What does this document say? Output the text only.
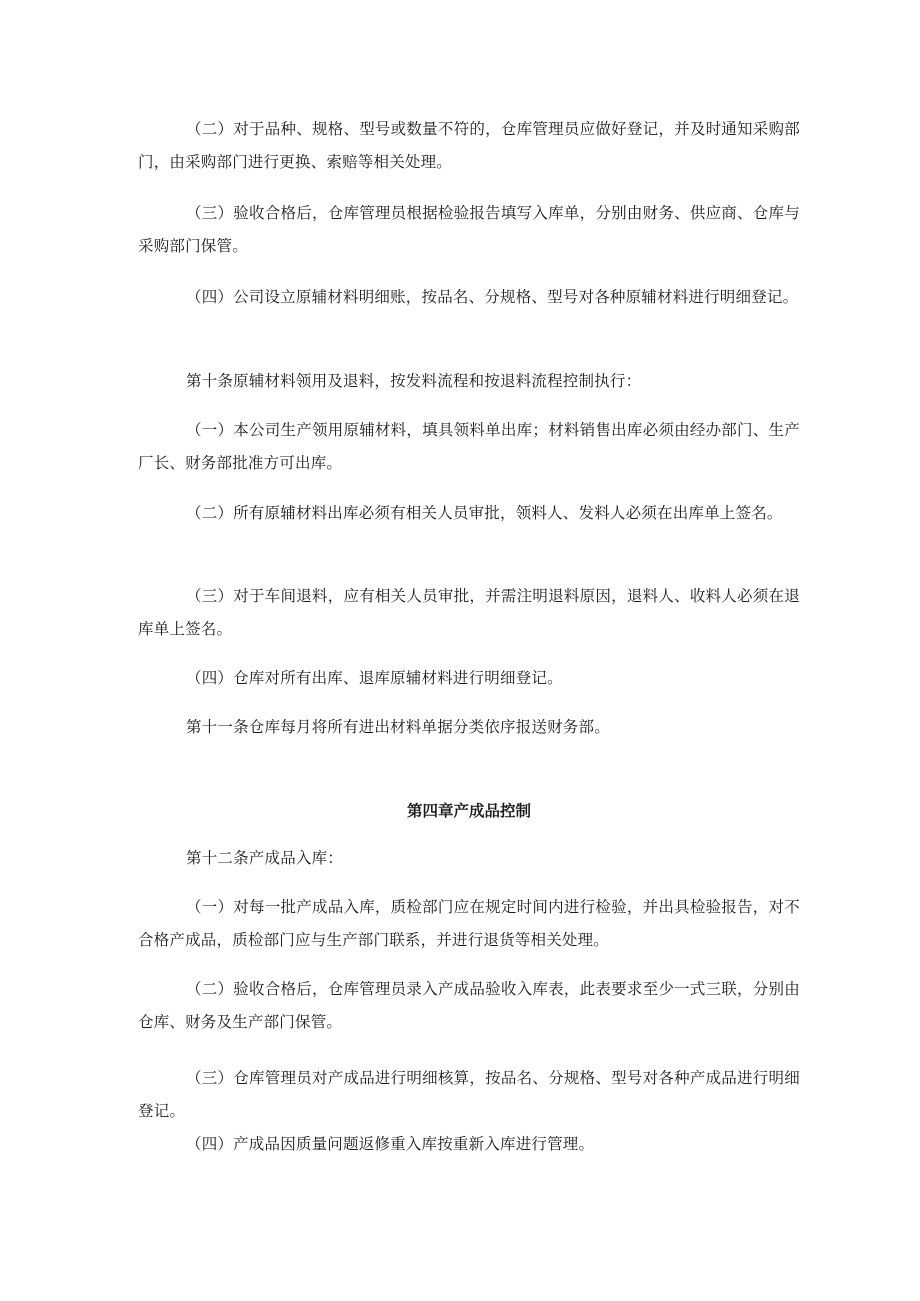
（二）对于品种、规格、型号或数量不符的，仓库管理员应做好登记，并及时通知采购部门，由采购部门进行更换、索赔等相关处理。

（三）验收合格后，仓库管理员根据检验报告填写入库单，分别由财务、供应商、仓库与采购部门保管。

（四）公司设立原辅材料明细账，按品名、分规格、型号对各种原辅材料进行明细登记。

第十条原辅材料领用及退料，按发料流程和按退料流程控制执行：

（一）本公司生产领用原辅材料，填具领料单出库；材料销售出库必须由经办部门、生产厂长、财务部批准方可出库。

（二）所有原辅材料出库必须有相关人员审批，领料人、发料人必须在出库单上签名。

（三）对于车间退料，应有相关人员审批，并需注明退料原因，退料人、收料人必须在退库单上签名。

（四）仓库对所有出库、退库原辅材料进行明细登记。

第十一条仓库每月将所有进出材料单据分类依序报送财务部。

第四章产成品控制

第十二条产成品入库：

（一）对每一批产成品入库，质检部门应在规定时间内进行检验，并出具检验报告，对不合格产成品，质检部门应与生产部门联系，并进行退货等相关处理。

（二）验收合格后，仓库管理员录入产成品验收入库表，此表要求至少一式三联，分别由仓库、财务及生产部门保管。

（三）仓库管理员对产成品进行明细核算，按品名、分规格、型号对各种产成品进行明细登记。

（四）产成品因质量问题返修重入库按重新入库进行管理。
